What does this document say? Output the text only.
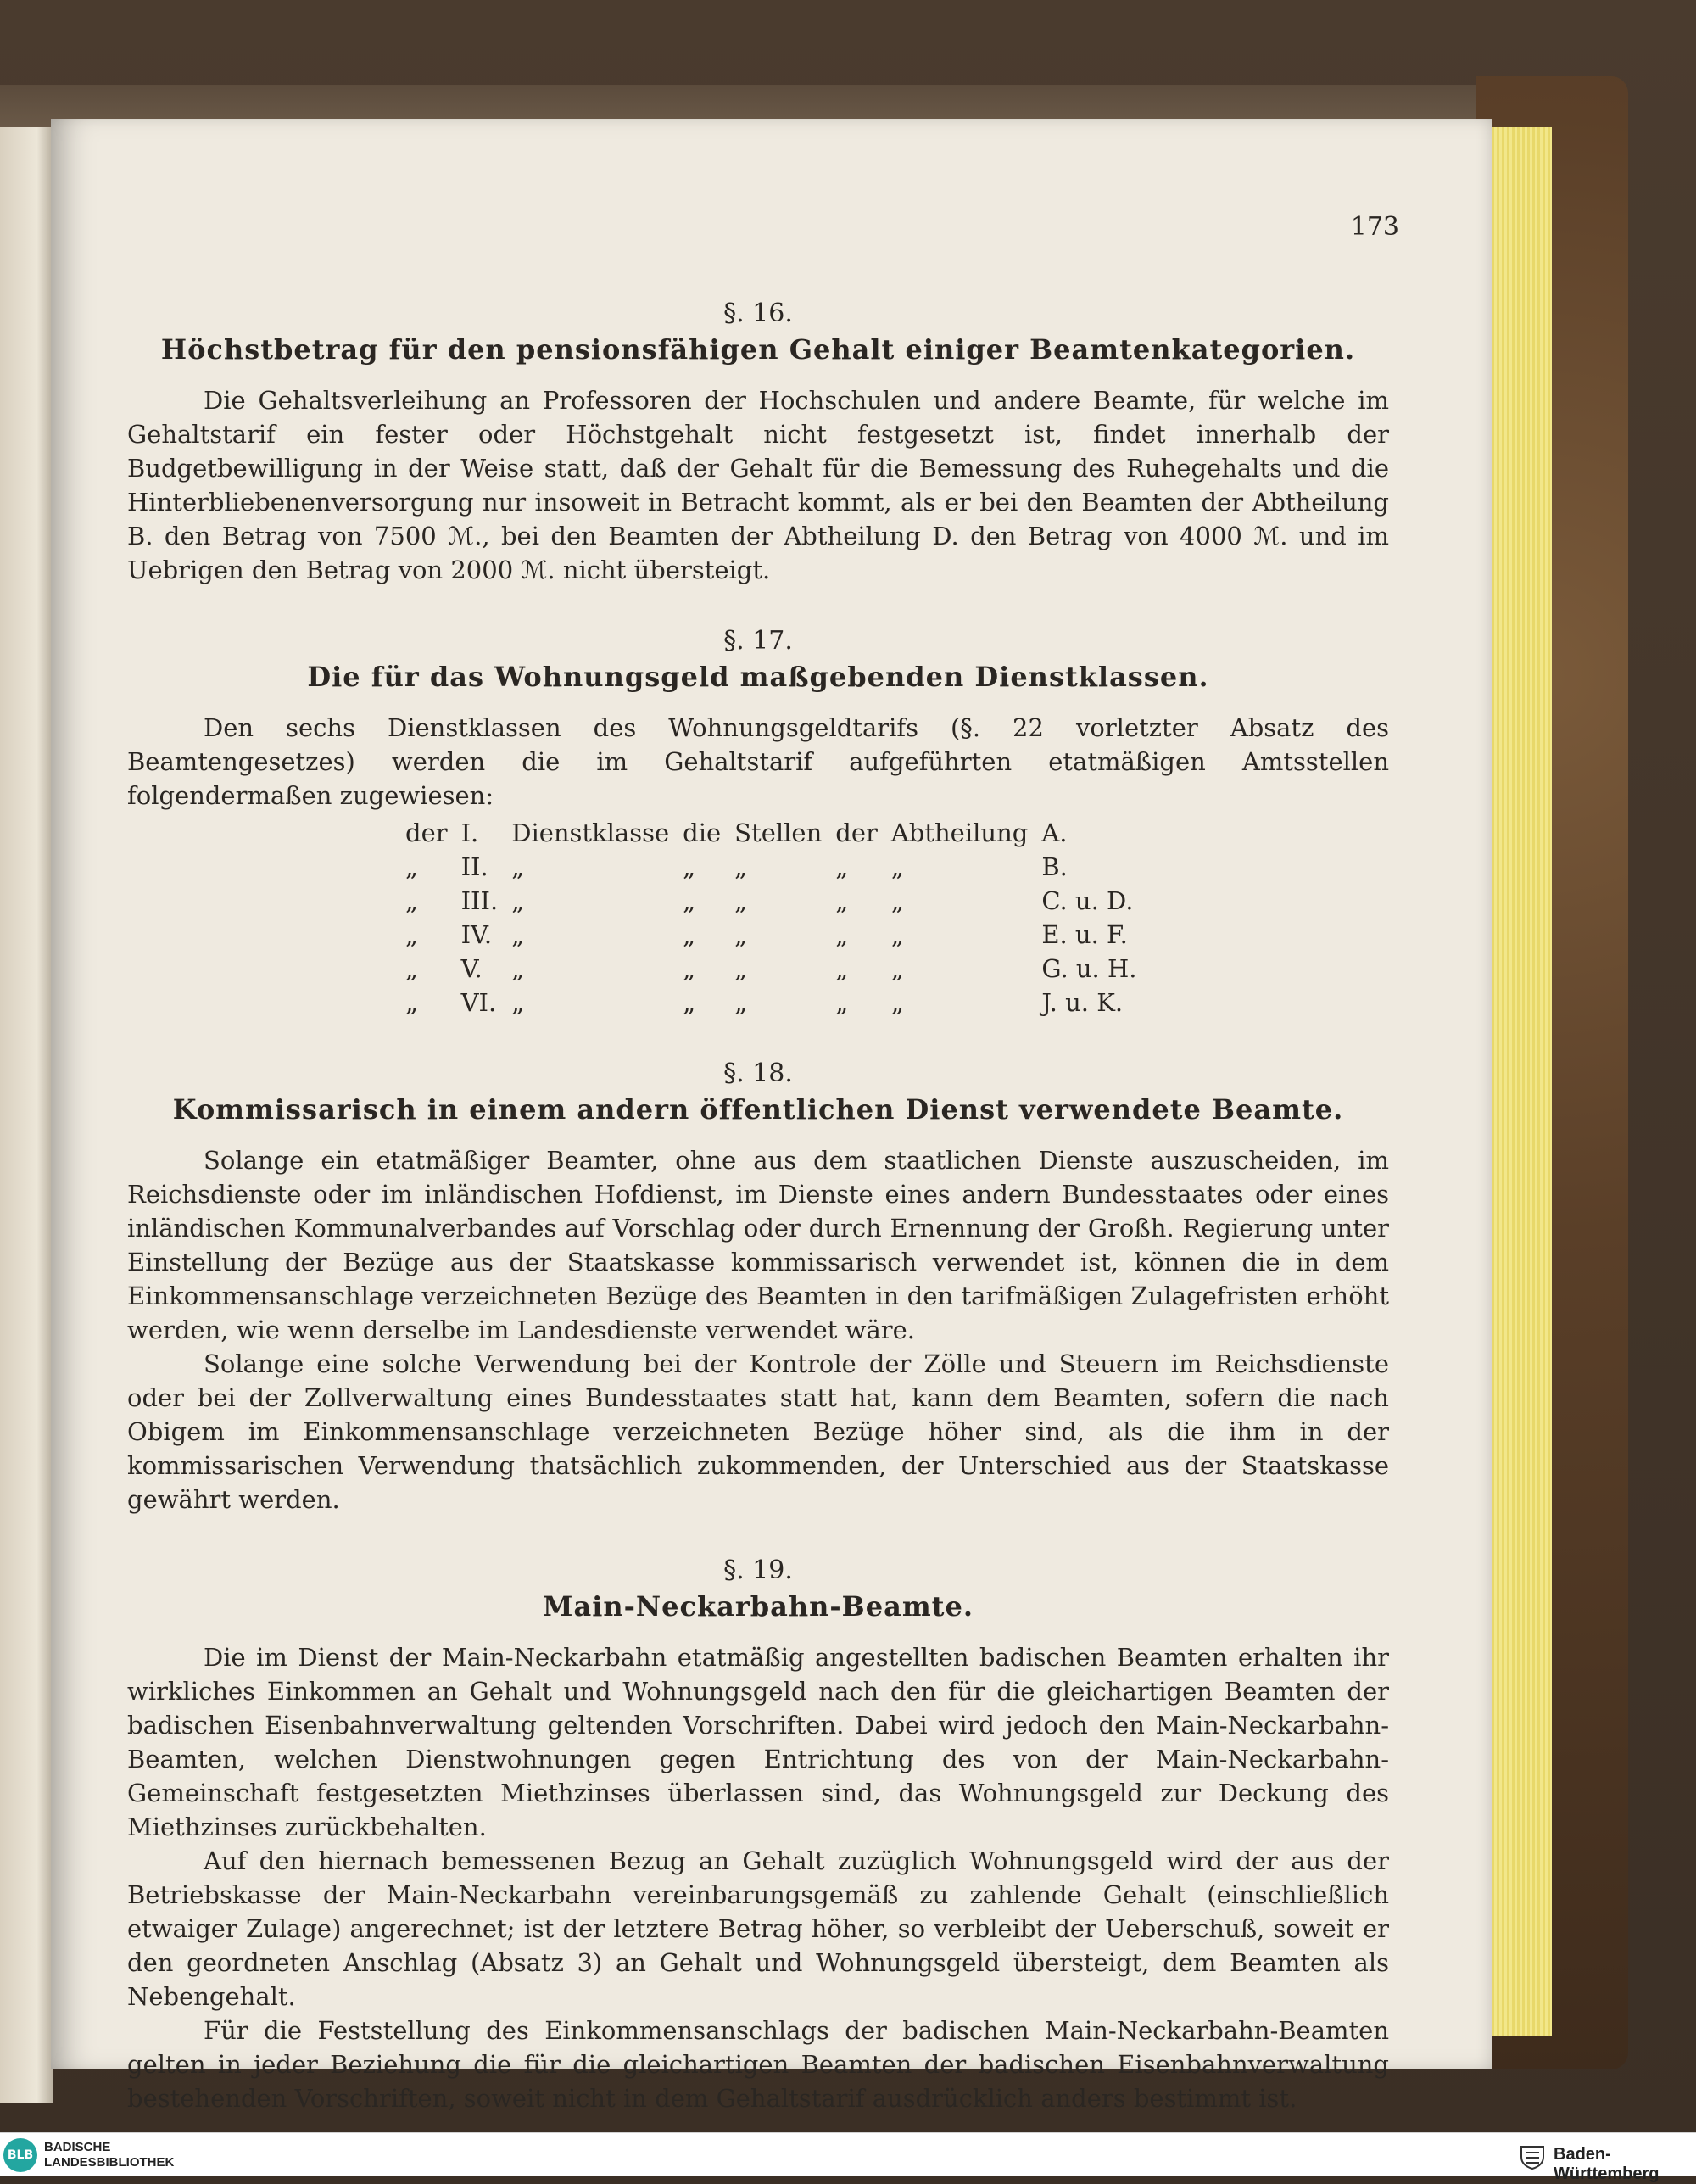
173
§. 16.
Höchstbetrag für den pensionsfähigen Gehalt einiger Beamtenkategorien.

Die Gehaltsverleihung an Professoren der Hochschulen und andere Beamte, für welche im Gehaltstarif ein fester oder Höchstgehalt nicht festgesetzt ist, findet innerhalb der Budgetbewilligung in der Weise statt, daß der Gehalt für die Bemessung des Ruhegehalts und die Hinterbliebenenversorgung nur insoweit in Betracht kommt, als er bei den Beamten der Abtheilung B. den Betrag von 7500 ℳ., bei den Beamten der Abtheilung D. den Betrag von 4000 ℳ. und im Uebrigen den Betrag von 2000 ℳ. nicht übersteigt.

§. 17.
Die für das Wohnungsgeld maßgebenden Dienstklassen.

Den sechs Dienstklassen des Wohnungsgeldtarifs (§. 22 vorletzter Absatz des Beamtengesetzes) werden die im Gehaltstarif aufgeführten etatmäßigen Amtsstellen folgendermaßen zugewiesen:

der	I.	Dienstklasse	die	Stellen	der	Abtheilung	A.
„	II.	„	„	„	„	„	B.
„	III.	„	„	„	„	„	C. u. D.
„	IV.	„	„	„	„	„	E. u. F.
„	V.	„	„	„	„	„	G. u. H.
„	VI.	„	„	„	„	„	J. u. K.
§. 18.
Kommissarisch in einem andern öffentlichen Dienst verwendete Beamte.

Solange ein etatmäßiger Beamter, ohne aus dem staatlichen Dienste auszuscheiden, im Reichsdienste oder im inländischen Hofdienst, im Dienste eines andern Bundesstaates oder eines inländischen Kommunalverbandes auf Vorschlag oder durch Ernennung der Großh. Regierung unter Einstellung der Bezüge aus der Staatskasse kommissarisch verwendet ist, können die in dem Einkommensanschlage verzeichneten Bezüge des Beamten in den tarifmäßigen Zulagefristen erhöht werden, wie wenn derselbe im Landesdienste verwendet wäre.

Solange eine solche Verwendung bei der Kontrole der Zölle und Steuern im Reichsdienste oder bei der Zollverwaltung eines Bundesstaates statt hat, kann dem Beamten, sofern die nach Obigem im Einkommensanschlage verzeichneten Bezüge höher sind, als die ihm in der kommissarischen Verwendung thatsächlich zukommenden, der Unterschied aus der Staatskasse gewährt werden.

§. 19.
Main-Neckarbahn-Beamte.

Die im Dienst der Main-Neckarbahn etatmäßig angestellten badischen Beamten erhalten ihr wirkliches Einkommen an Gehalt und Wohnungsgeld nach den für die gleichartigen Beamten der badischen Eisenbahnverwaltung geltenden Vorschriften. Dabei wird jedoch den Main-Neckarbahn-Beamten, welchen Dienstwohnungen gegen Entrichtung des von der Main-Neckarbahn-Gemeinschaft festgesetzten Miethzinses überlassen sind, das Wohnungsgeld zur Deckung des Miethzinses zurückbehalten.

Auf den hiernach bemessenen Bezug an Gehalt zuzüglich Wohnungsgeld wird der aus der Betriebskasse der Main-Neckarbahn vereinbarungsgemäß zu zahlende Gehalt (einschließlich etwaiger Zulage) angerechnet; ist der letztere Betrag höher, so verbleibt der Ueberschuß, soweit er den geordneten Anschlag (Absatz 3) an Gehalt und Wohnungsgeld übersteigt, dem Beamten als Nebengehalt.

Für die Feststellung des Einkommensanschlags der badischen Main-Neckarbahn-Beamten gelten in jeder Beziehung die für die gleichartigen Beamten der badischen Eisenbahnverwaltung bestehenden Vorschriften, soweit nicht in dem Gehaltstarif ausdrücklich anders bestimmt ist.

BLB
BADISCHE
LANDESBIBLIOTHEK	Baden-Württemberg
